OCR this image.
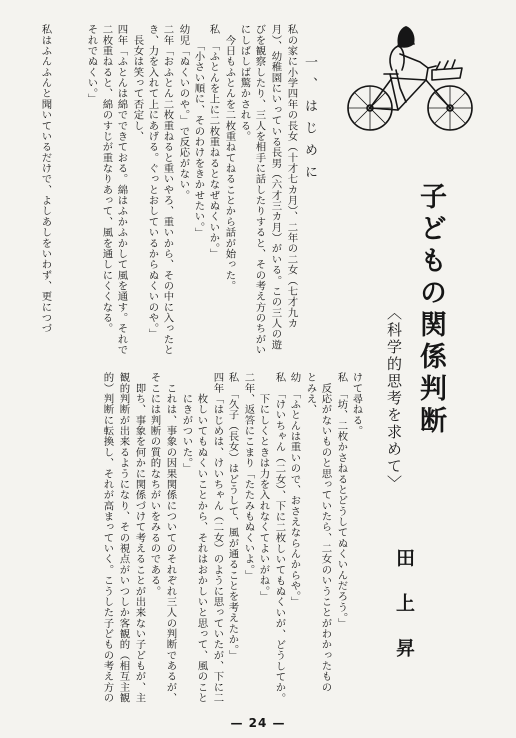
子どもの関係判断
〈科学的思考を求めて〉
田上昇
一、はじめに
私の家に小学四年の長女（十才七カ月）、二年の二女（七才九カ
月）、幼稚園にいっている長男（六才三カ月）がいる。この三人の遊
びを観察したり、三人を相手に話したりすると、その考え方のちがい
にしばしば驚かされる。
　今日もふとんを二枚重ねてねることから話が始った。
私　「ふとんを上に二枚重ねるとなぜぬくいか。」
　　「小さい順に、そのわけをきかせたい。」
幼児「ぬくいのや。」で反応がない。
二年「おふとん二枚重ねると重いやろ、重いから、その中に入ったと
き、力を入れて上にあげる。ぐっとおしているからぬくいのや。」
　長女は笑って否定し、
四年「ふとんは綿でできておる。綿はふかふかして風を通す。それで
二枚重ねると、綿のすじが重なりあって、風を通しにくくなる。
それでぬくい。」
私はふんふんと聞いているだけで、よしあしをいわず、更につづ
けて尋ねる。
私　「坊、二枚かさねるとどうしてぬくいんだろう。」
　反応がないものと思っていたら、二女のいうことがわかったもの
とみえ、
幼　「ふとんは重いので、おさえならんからや。」
私　「けいちゃん（二女）、下に二枚しいてもぬくいが、どうしてか。
　　下にしくときは力を入れなくてよいがね。」
二年、返答にこまり「たたみもぬくいよ。」
私　「久子（長女）はどうして、風が通ることを考えたか。」
四年「はじめは、けいちゃん（二女）のように思っていたが、下に二
　　枚しいてもぬくいことから、それはおかしいと思って、風のこと
　　にきがついた。」
　これは、事象の因果関係についてのそれぞれ三人の判断であるが、
そこには判断の質的なちがいをみるのである。
　即ち、事象を何かに関係づけて考えることが出来ない子どもが、主
観的判断が出来るようになり、その視点がいつしか客観的（相互主観
的）判断に転換し、それが高まっていく。こうした子どもの考え方の
— 24 —
